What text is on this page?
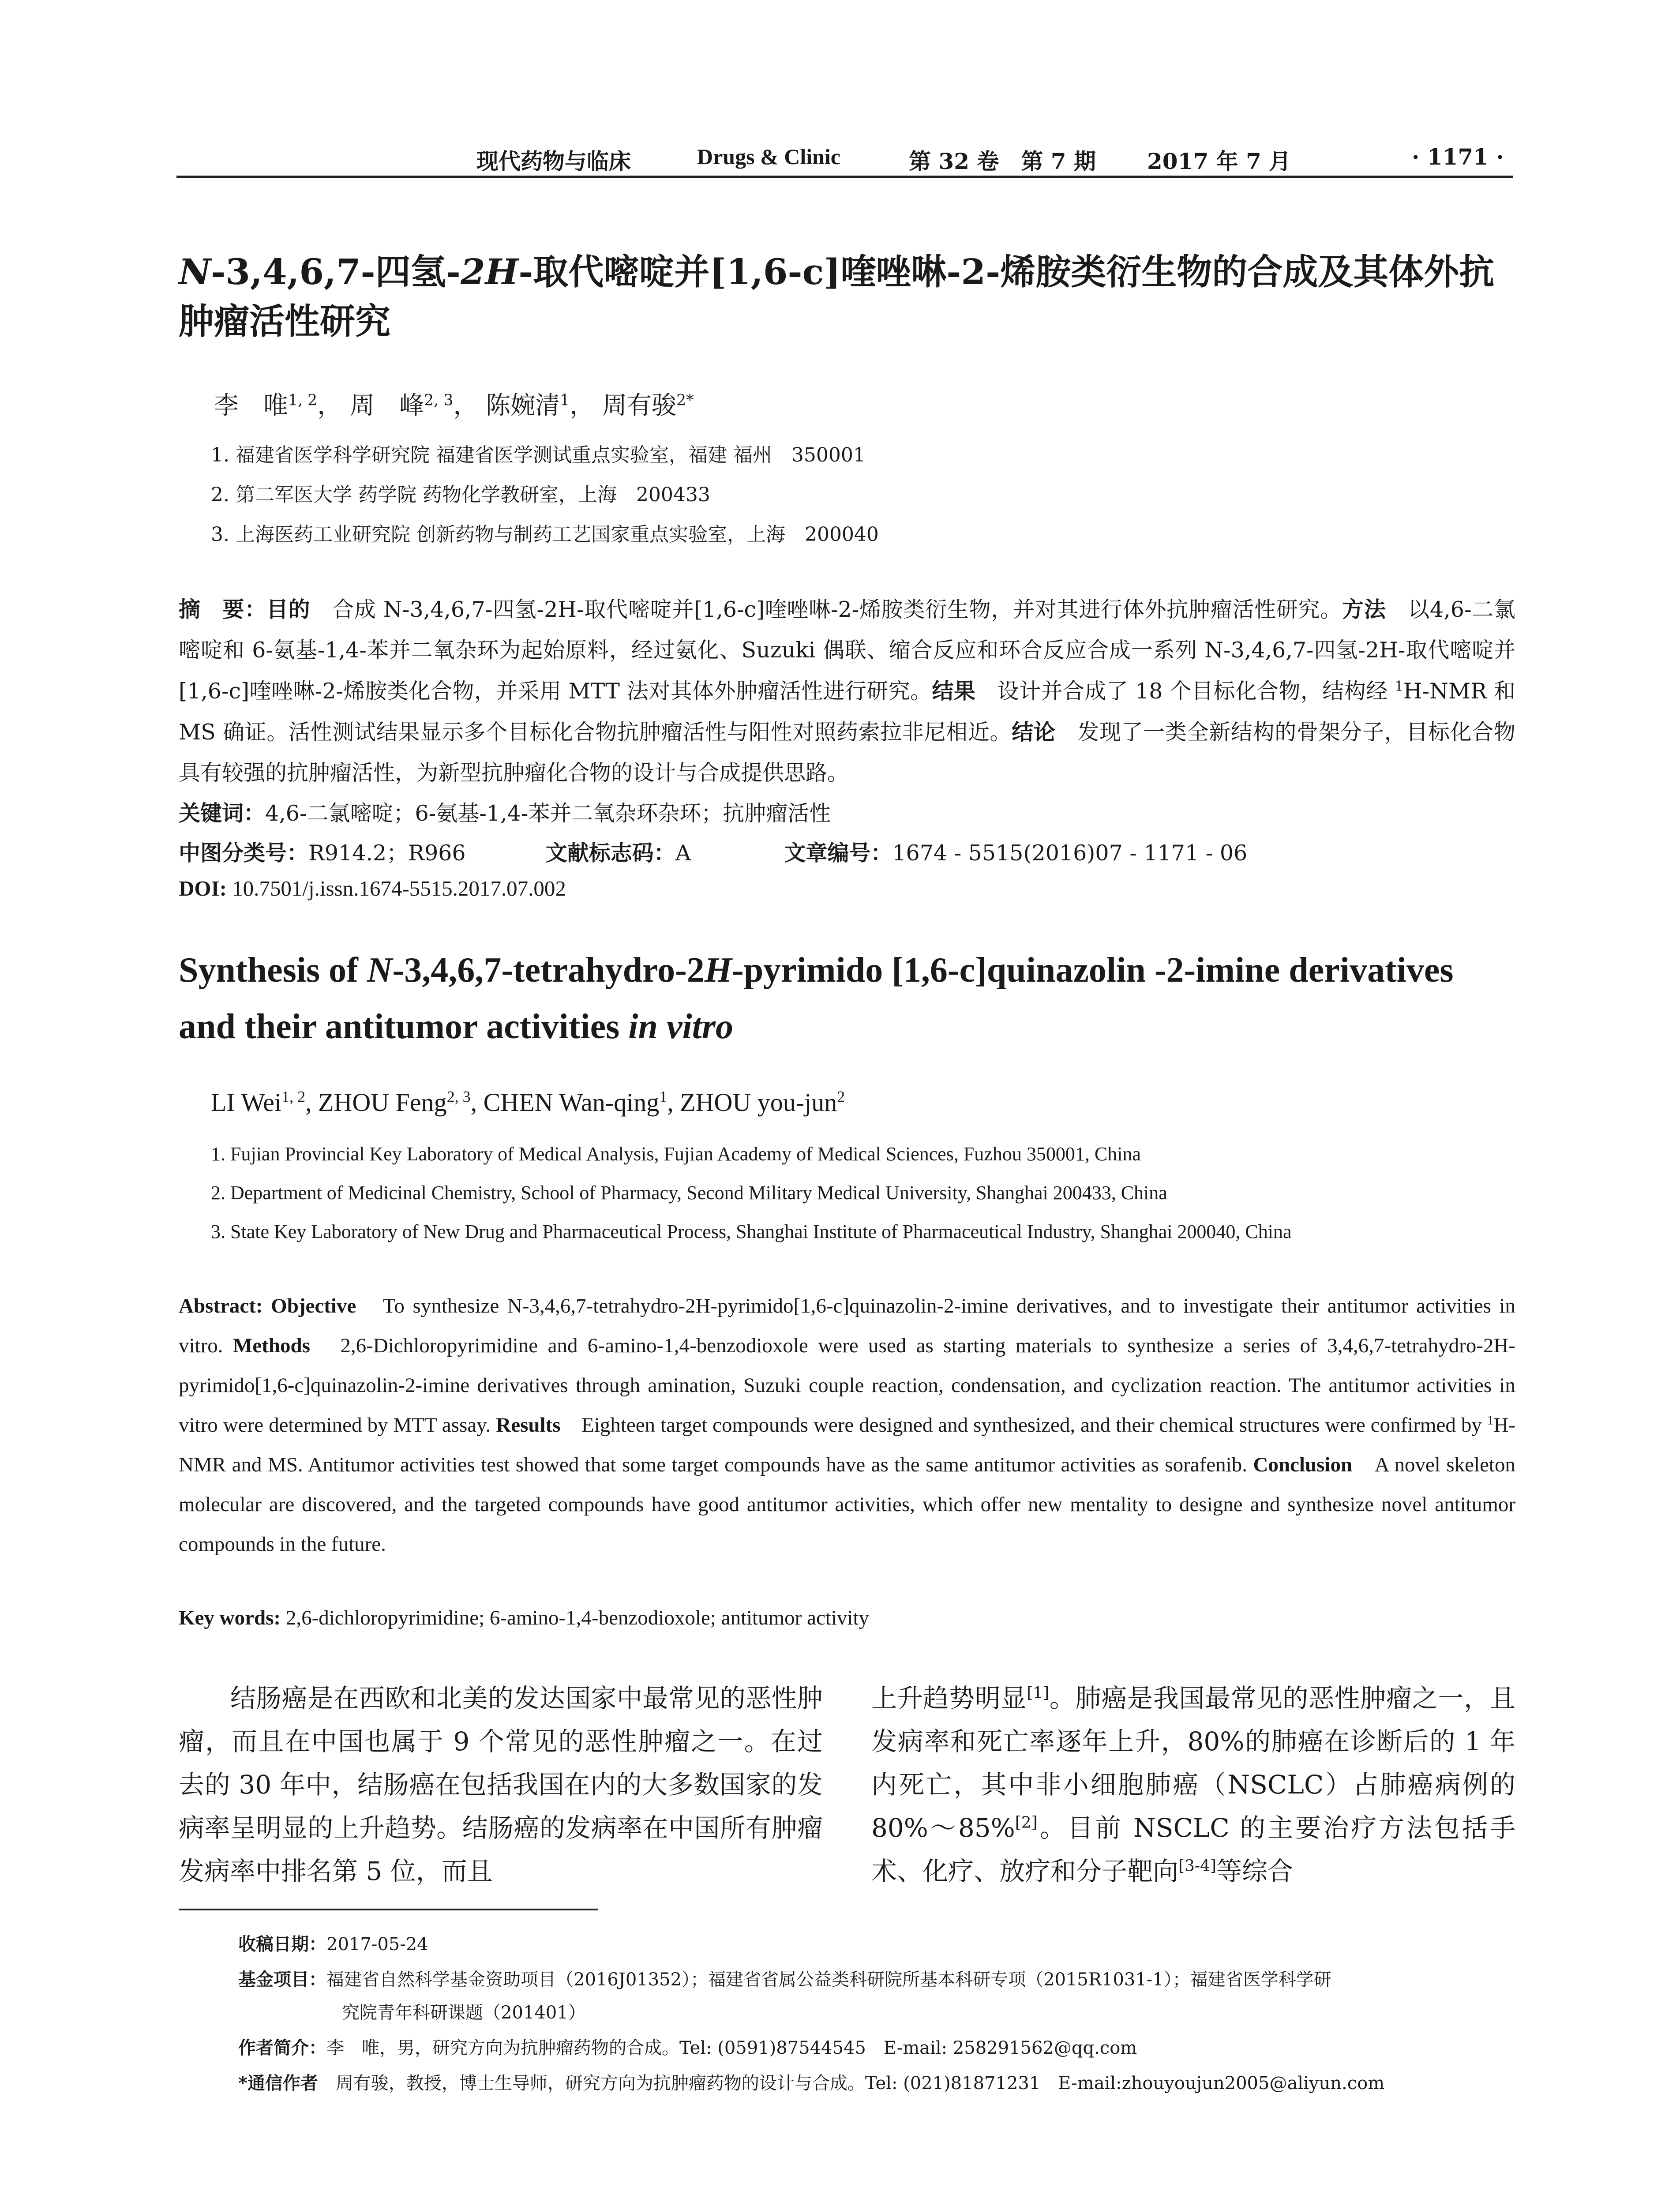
现代药物与临床	Drugs & Clinic	第 32 卷　第 7 期 2017 年 7 月	· 1171 ·
N-3,4,6,7-四氢-2H-取代嘧啶并[1,6-c]喹唑啉-2-烯胺类衍生物的合成及其体外抗肿瘤活性研究
李　唯$^{1, 2}$， 周　峰$^{2, 3}$， 陈婉清$^1$， 周有骏$^{2*}$
1. 福建省医学科学研究院 福建省医学测试重点实验室，福建 福州　350001
2. 第二军医大学 药学院 药物化学教研室，上海　200433
3. 上海医药工业研究院 创新药物与制药工艺国家重点实验室，上海　200040
摘　要：目的　合成 N-3,4,6,7-四氢-2H-取代嘧啶并[1,6-c]喹唑啉-2-烯胺类衍生物，并对其进行体外抗肿瘤活性研究。方法　以4,6-二氯嘧啶和 6-氨基-1,4-苯并二氧杂环为起始原料，经过氨化、Suzuki 偶联、缩合反应和环合反应合成一系列 N-3,4,6,7-四氢-2H-取代嘧啶并[1,6-c]喹唑啉-2-烯胺类化合物，并采用 MTT 法对其体外肿瘤活性进行研究。结果　设计并合成了 18 个目标化合物，结构经 $^1$H-NMR 和 MS 确证。活性测试结果显示多个目标化合物抗肿瘤活性与阳性对照药索拉非尼相近。结论　发现了一类全新结构的骨架分子，目标化合物具有较强的抗肿瘤活性，为新型抗肿瘤化合物的设计与合成提供思路。
关键词：4,6-二氯嘧啶；6-氨基-1,4-苯并二氧杂环杂环；抗肿瘤活性
中图分类号：R914.2；R966	文献标志码：A	文章编号：1674 - 5515(2016)07 - 1171 - 06
DOI: 10.7501/j.issn.1674-5515.2017.07.002
Synthesis of N-3,4,6,7-tetrahydro-2H-pyrimido [1,6-c]quinazolin -2-imine derivatives and their antitumor activities in vitro
LI Wei$^{1, 2}$, ZHOU Feng$^{2, 3}$, CHEN Wan-qing$^1$, ZHOU you-jun$^2$
1. Fujian Provincial Key Laboratory of Medical Analysis, Fujian Academy of Medical Sciences, Fuzhou 350001, China
2. Department of Medicinal Chemistry, School of Pharmacy, Second Military Medical University, Shanghai 200433, China
3. State Key Laboratory of New Drug and Pharmaceutical Process, Shanghai Institute of Pharmaceutical Industry, Shanghai 200040, China
Abstract: Objective　To synthesize N-3,4,6,7-tetrahydro-2H-pyrimido[1,6-c]quinazolin-2-imine derivatives, and to investigate their antitumor activities in vitro. Methods　2,6-Dichloropyrimidine and 6-amino-1,4-benzodioxole were used as starting materials to synthesize a series of 3,4,6,7-tetrahydro-2H-pyrimido[1,6-c]quinazolin-2-imine derivatives through amination, Suzuki couple reaction, condensation, and cyclization reaction. The antitumor activities in vitro were determined by MTT assay. Results　Eighteen target compounds were designed and synthesized, and their chemical structures were confirmed by $^1$H-NMR and MS. Antitumor activities test showed that some target compounds have as the same antitumor activities as sorafenib. Conclusion　A novel skeleton molecular are discovered, and the targeted compounds have good antitumor activities, which offer new mentality to designe and synthesize novel antitumor compounds in the future.
Key words: 2,6-dichloropyrimidine; 6-amino-1,4-benzodioxole; antitumor activity
　　结肠癌是在西欧和北美的发达国家中最常见的恶性肿瘤，而且在中国也属于 9 个常见的恶性肿瘤之一。在过去的 30 年中，结肠癌在包括我国在内的大多数国家的发病率呈明显的上升趋势。结肠癌的发病率在中国所有肿瘤发病率中排名第 5 位，而且
上升趋势明显[1]。肺癌是我国最常见的恶性肿瘤之一，且发病率和死亡率逐年上升，80%的肺癌在诊断后的 1 年内死亡，其中非小细胞肺癌（NSCLC）占肺癌病例的 80%～85%[2]。目前 NSCLC 的主要治疗方法包括手术、化疗、放疗和分子靶向[3-4]等综合
收稿日期：2017-05-24
基金项目：福建省自然科学基金资助项目（2016J01352）；福建省省属公益类科研院所基本科研专项（2015R1031-1）；福建省医学科学研
究院青年科研课题（201401）
作者简介：李　唯，男，研究方向为抗肿瘤药物的合成。Tel: (0591)87544545　E-mail: 258291562@qq.com
*通信作者　周有骏，教授，博士生导师，研究方向为抗肿瘤药物的设计与合成。Tel: (021)81871231　E-mail:zhouyoujun2005@aliyun.com
